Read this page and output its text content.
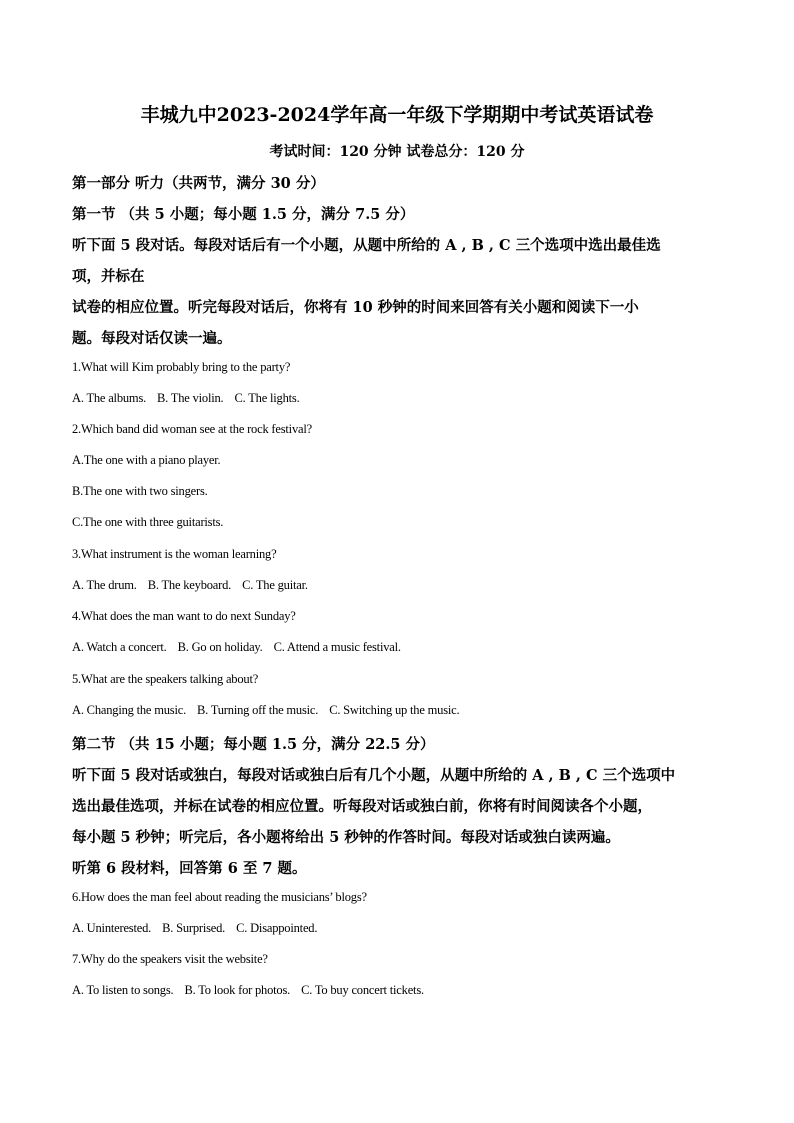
丰城九中2023-2024学年高一年级下学期期中考试英语试卷
考试时间：120 分钟 试卷总分：120 分
第一部分 听力（共两节，满分 30 分）
第一节 （共 5 小题；每小题 1.5 分，满分 7.5 分）
听下面 5 段对话。每段对话后有一个小题，从题中所给的 A , B , C 三个选项中选出最佳选
项，并标在
试卷的相应位置。听完每段对话后，你将有 10 秒钟的时间来回答有关小题和阅读下一小
题。每段对话仅读一遍。
1.What will Kim probably bring to the party?
A. The albums. B. The violin. C. The lights.
2.Which band did woman see at the rock festival?
A.The one with a piano player.
B.The one with two singers.
C.The one with three guitarists.
3.What instrument is the woman learning?
A. The drum. B. The keyboard. C. The guitar.
4.What does the man want to do next Sunday?
A. Watch a concert. B. Go on holiday. C. Attend a music festival.
5.What are the speakers talking about?
A. Changing the music. B. Turning off the music. C. Switching up the music.
第二节 （共 15 小题；每小题 1.5 分，满分 22.5 分）
听下面 5 段对话或独白，每段对话或独白后有几个小题，从题中所给的 A , B , C 三个选项中
选出最佳选项，并标在试卷的相应位置。听每段对话或独白前，你将有时间阅读各个小题，
每小题 5 秒钟；听完后，各小题将给出 5 秒钟的作答时间。每段对话或独白读两遍。
听第 6 段材料，回答第 6 至 7 题。
6.How does the man feel about reading the musicians’ blogs?
A. Uninterested. B. Surprised. C. Disappointed.
7.Why do the speakers visit the website?
A. To listen to songs. B. To look for photos. C. To buy concert tickets.
